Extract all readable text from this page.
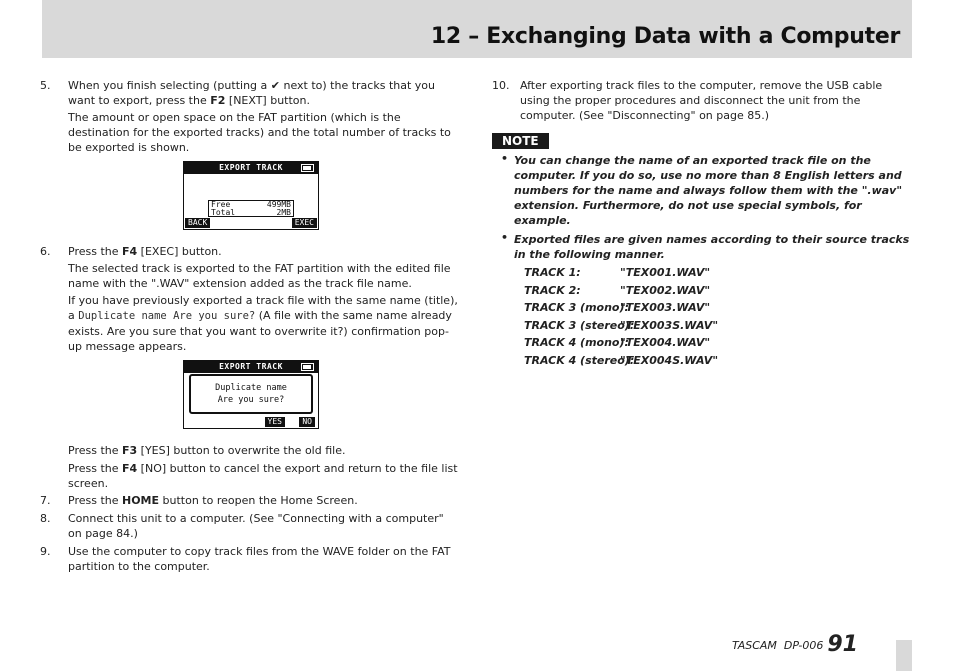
12 – Exchanging Data with a Computer
5. When you finish selecting (putting a ✔ next to) the tracks that you want to export, press the F2 [NEXT] button.
The amount or open space on the FAT partition (which is the destination for the exported tracks) and the total number of tracks to be exported is shown.
EXPORT TRACK
Free	499MB
Total	2MB
BACK	EXEC
6. Press the F4 [EXEC] button.
The selected track is exported to the FAT partition with the edited file name with the ".WAV" extension added as the track file name.
If you have previously exported a track file with the same name (title), a Duplicate name Are you sure? (A file with the same name already exists. Are you sure that you want to overwrite it?) confirmation pop-up message appears.
EXPORT TRACK
Duplicate name
Are you sure?
YES	NO
Press the F3 [YES] button to overwrite the old file.
Press the F4 [NO] button to cancel the export and return to the file list screen.
7. Press the HOME button to reopen the Home Screen.
8. Connect this unit to a computer. (See "Connecting with a computer" on page 84.)
9. Use the computer to copy track files from the WAVE folder on the FAT partition to the computer.
10. After exporting track files to the computer, remove the USB cable using the proper procedures and disconnect the unit from the computer. (See "Disconnecting" on page 85.)
NOTE
• You can change the name of an exported track file on the computer. If you do so, use no more than 8 English letters and numbers for the name and always follow them with the ".wav" extension. Furthermore, do not use special symbols, for example.
• Exported files are given names according to their source tracks in the following manner.
TRACK 1:	"TEX001.WAV"
TRACK 2:	"TEX002.WAV"
TRACK 3 (mono):
"TEX003.WAV"
TRACK 3 (stereo):
"TEX003S.WAV"
TRACK 4 (mono):
"TEX004.WAV"
TRACK 4 (stereo):
"TEX004S.WAV"
TASCAM  DP-006 91
